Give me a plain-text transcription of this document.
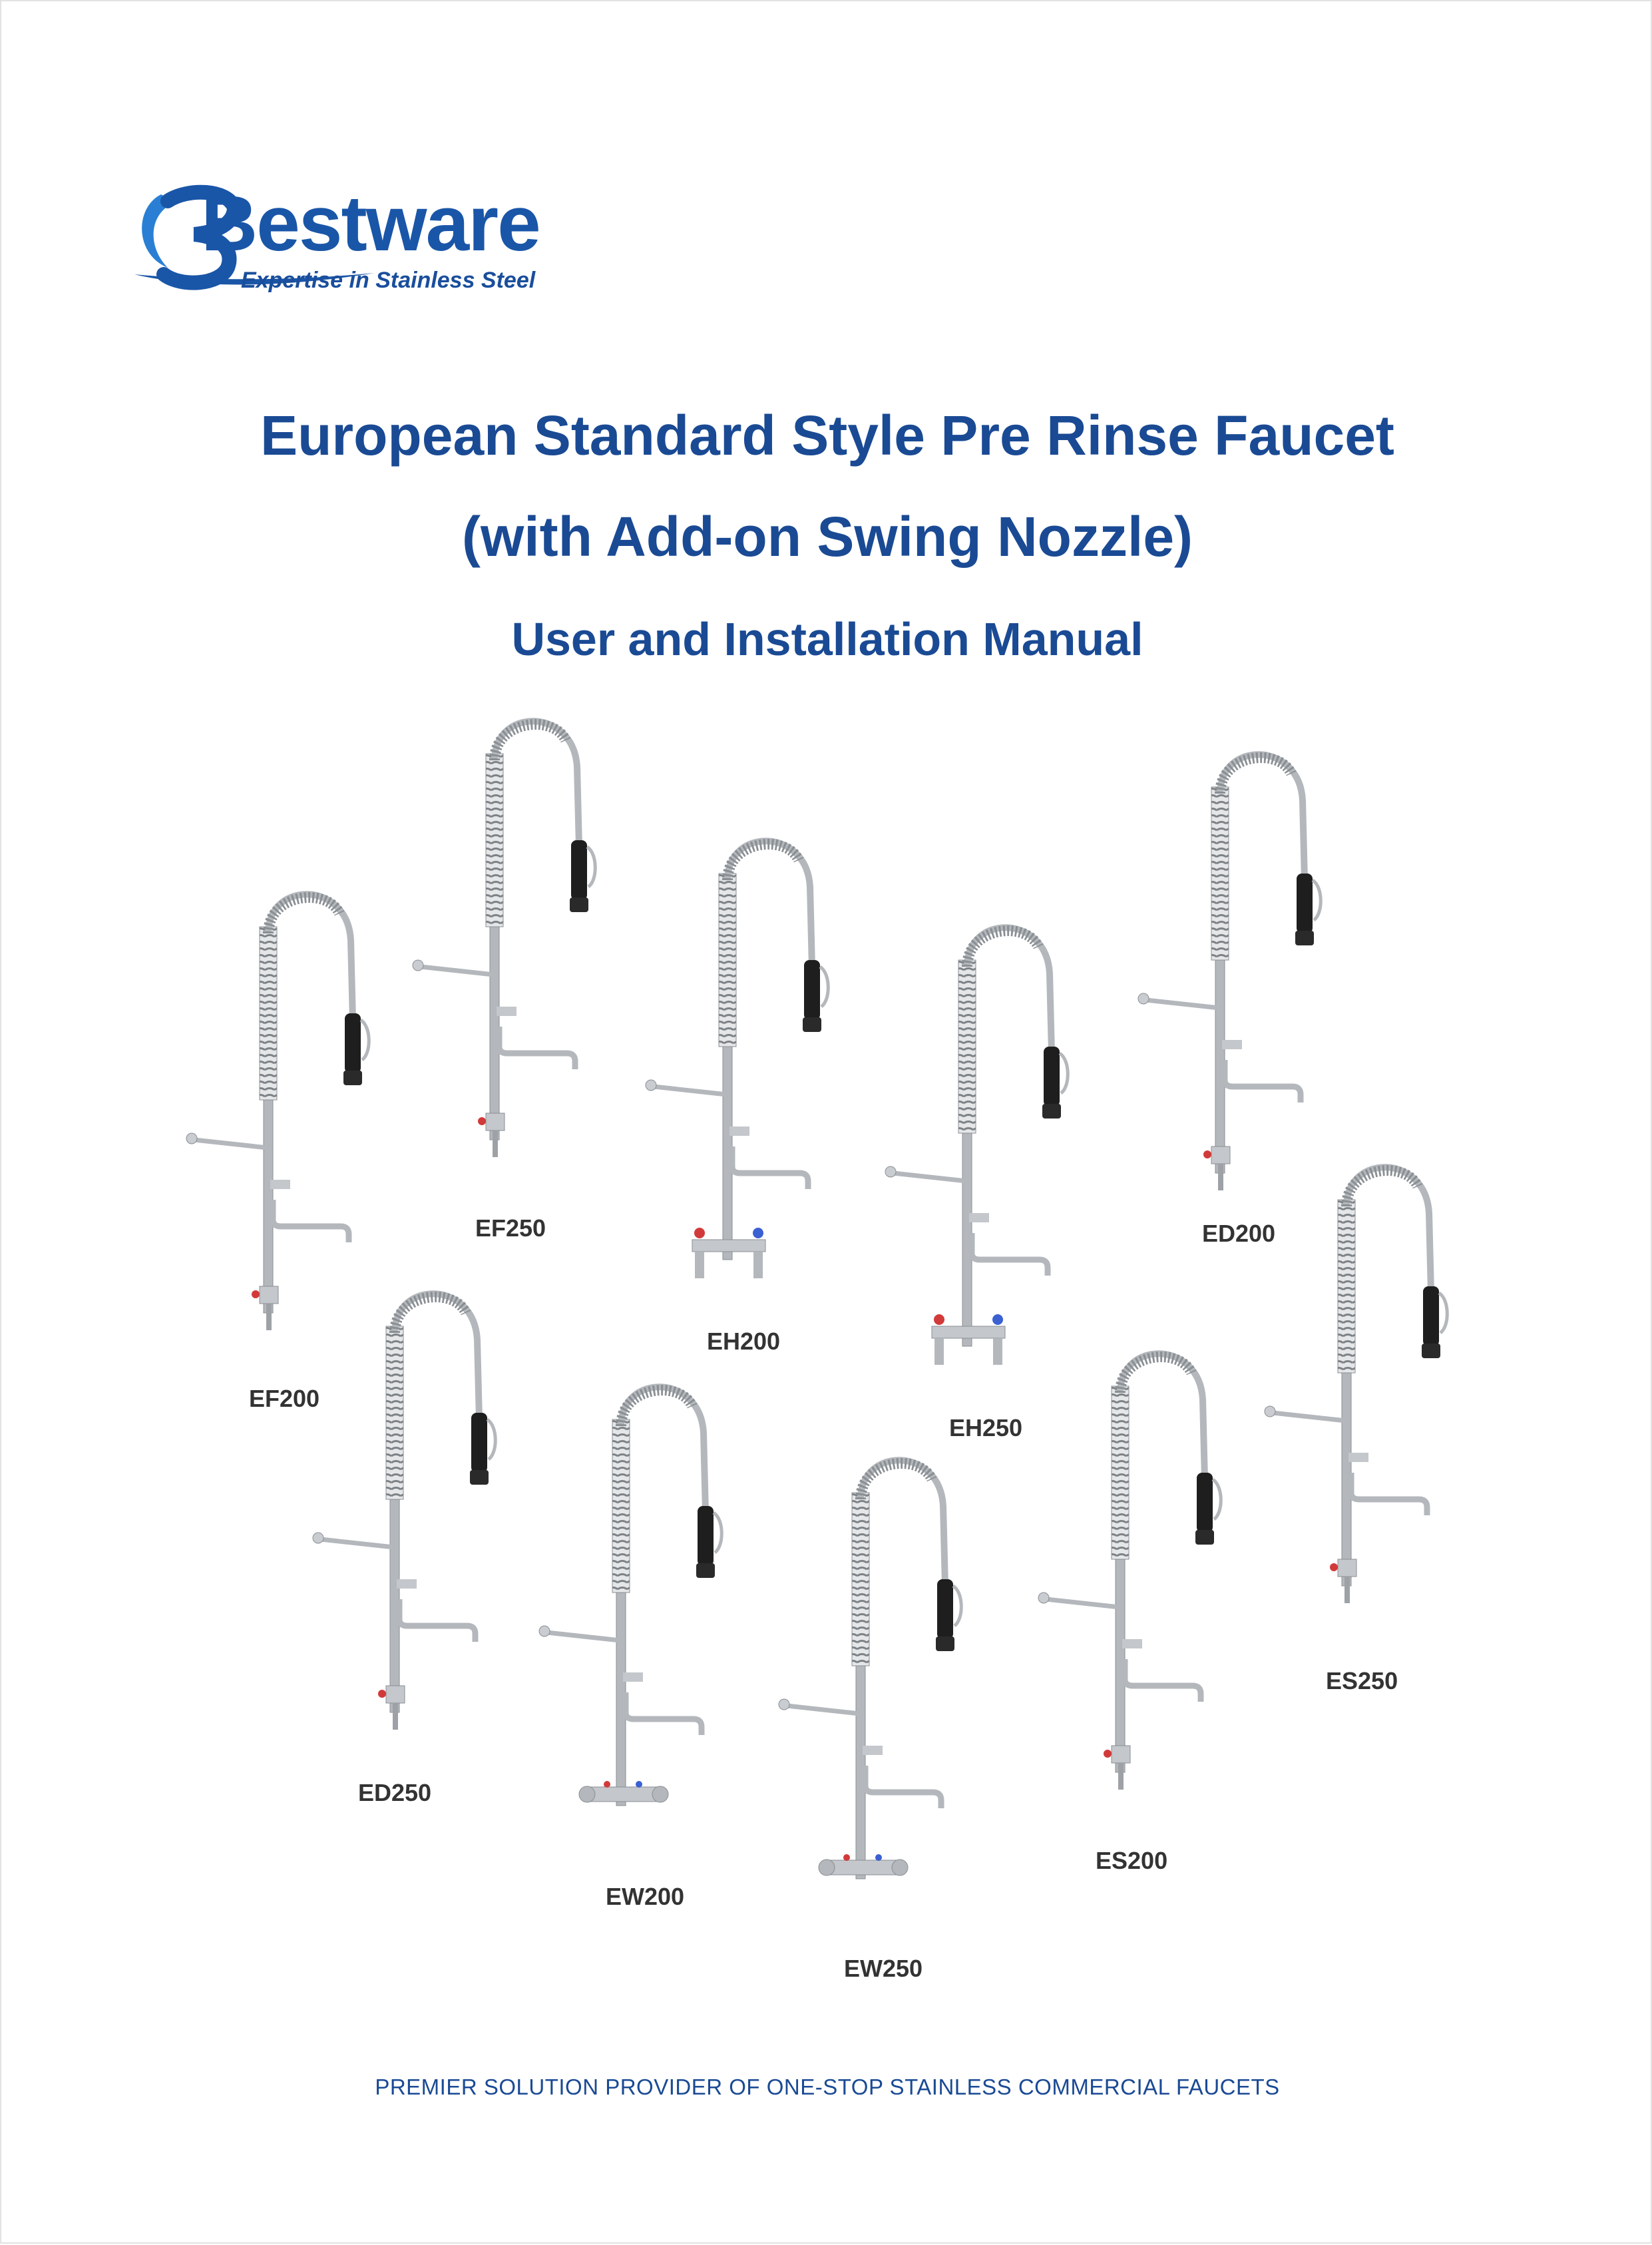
Bestware
Expertise in Stainless Steel
European Standard Style Pre Rinse Faucet
(with Add-on Swing Nozzle)
User and Installation Manual
EF200
EF250
EH200
EH250
ED200
ED250
EW200
EW250
ES200
ES250
PREMIER SOLUTION PROVIDER OF ONE-STOP STAINLESS COMMERCIAL FAUCETS
